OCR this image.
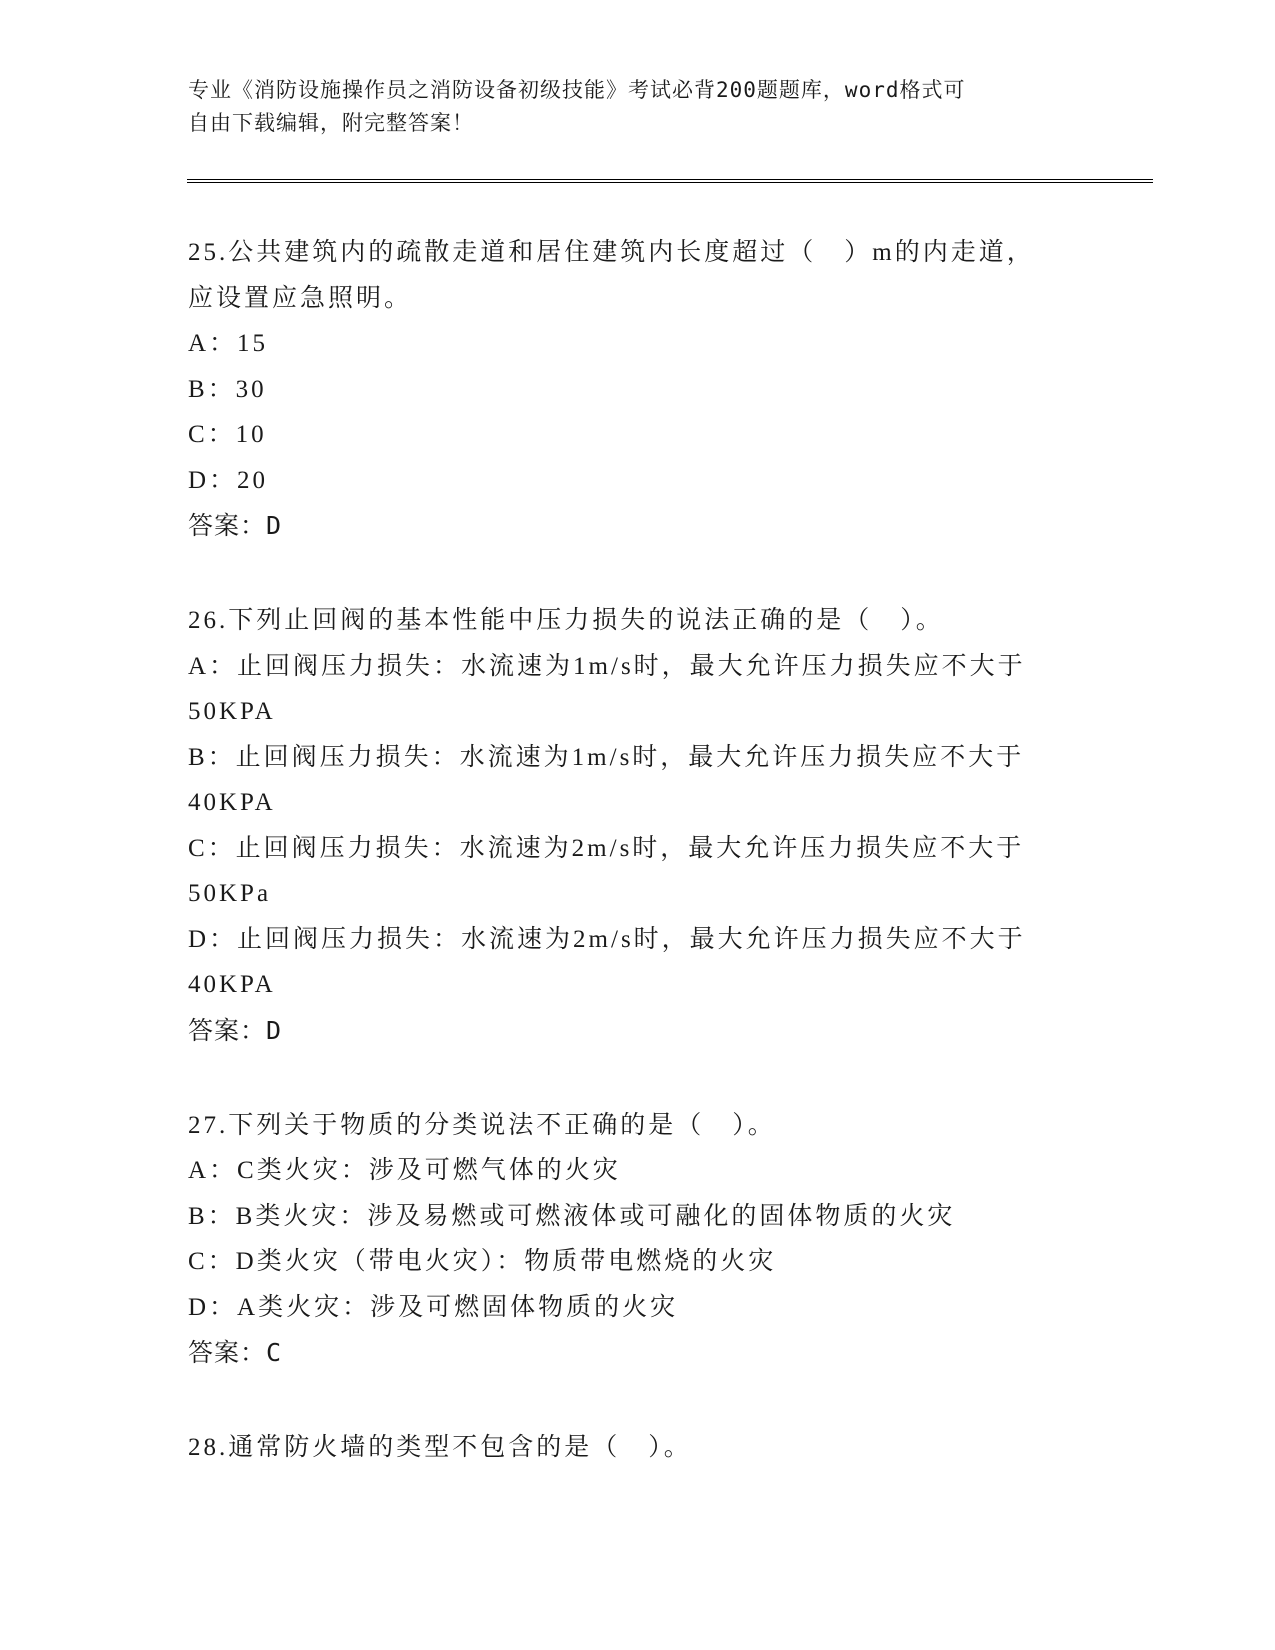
专业《消防设施操作员之消防设备初级技能》考试必背200题题库，word格式可
自由下载编辑，附完整答案！
25.公共建筑内的疏散走道和居住建筑内长度超过（　）m的内走道，
应设置应急照明。
A：15
B：30
C：10
D：20
答案：D
26.下列止回阀的基本性能中压力损失的说法正确的是（　）。
A：止回阀压力损失：水流速为1m/s时，最大允许压力损失应不大于
50KPA
B：止回阀压力损失：水流速为1m/s时，最大允许压力损失应不大于
40KPA
C：止回阀压力损失：水流速为2m/s时，最大允许压力损失应不大于
50KPa
D：止回阀压力损失：水流速为2m/s时，最大允许压力损失应不大于
40KPA
答案：D
27.下列关于物质的分类说法不正确的是（　）。
A：C类火灾：涉及可燃气体的火灾
B：B类火灾：涉及易燃或可燃液体或可融化的固体物质的火灾
C：D类火灾（带电火灾）：物质带电燃烧的火灾
D：A类火灾：涉及可燃固体物质的火灾
答案：C
28.通常防火墙的类型不包含的是（　）。
